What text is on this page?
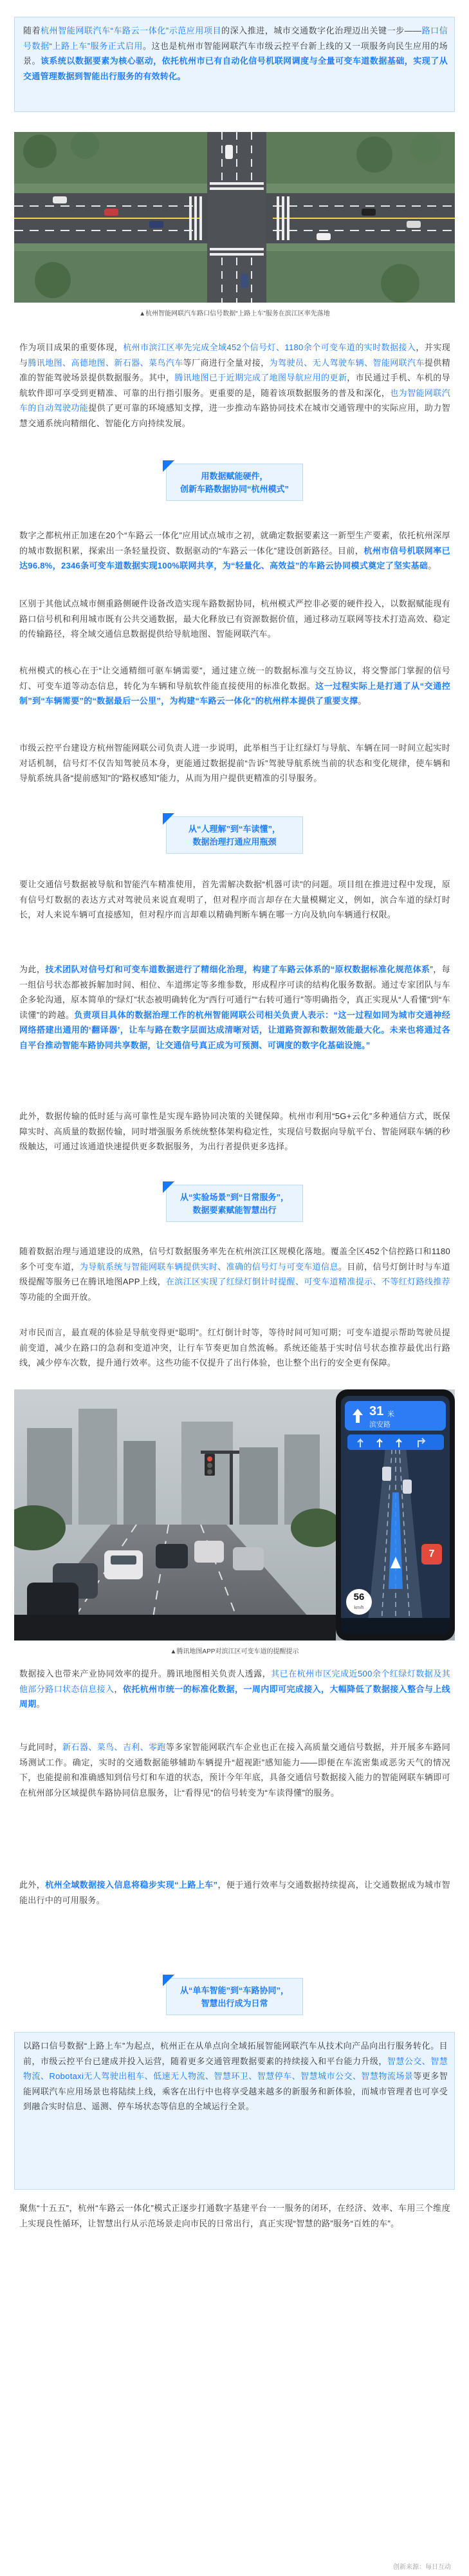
随着杭州智能网联汽车“车路云一体化”示范应用项目的深入推进，城市交通数字化治理迈出关键一步——路口信号数据“上路上车”服务正式启用。这也是杭州市智能网联汽车市级云控平台新上线的又一项服务向民生应用的场景。该系统以数据要素为核心驱动，依托杭州市已有自动化信号机联网调度与全量可变车道数据基础，实现了从交通管理数据到智能出行服务的有效转化。
▲杭州智能网联汽车路口信号数据“上路上车”服务在滨江区率先落地
作为项目成果的重要体现，杭州市滨江区率先完成全域452个信号灯、1180余个可变车道的实时数据接入，并实现与腾讯地图、高德地图、新石器、菜鸟汽车等厂商进行全量对接，为驾驶员、无人驾驶车辆、智能网联汽车提供精准的智能驾驶场景提供数据服务。其中，腾讯地图已于近期完成了地图导航应用的更新，市民通过手机、车机的导航软件即可享受到更精准、可靠的出行指引服务。更重要的是，随着该项数据服务的普及和深化，也为智能网联汽车的自动驾驶功能提供了更可靠的环境感知支撑，进一步推动车路协同技术在城市交通管理中的实际应用，助力智慧交通系统向精细化、智能化方向持续发展。
用数据赋能硬件，
创新车路数据协同“杭州模式”
数字之都杭州正加速在20个“车路云一体化”应用试点城市之初，就确定数据要素这一新型生产要素，依托杭州深厚的城市数据积累，探索出一条轻量投资、数据驱动的“车路云一体化”建设创新路径。目前，杭州市信号机联网率已达96.8%，2346条可变车道数据实现100%联网共享，为“轻量化、高效益”的车路云协同模式奠定了坚实基础。
区别于其他试点城市侧重路侧硬件设备改造实现车路数据协同，杭州模式严控非必要的硬件投入，以数据赋能现有路口信号机和利用城市既有公共交通数据，最大化释放已有资源数据价值，通过移动互联网等技术打造高效、稳定的传输路径，将全域交通信息数据提供给导航地图、智能网联汽车。
杭州模式的核心在于“让交通精细可驱车辆需要”，通过建立统一的数据标准与交互协议，将交警部门掌握的信号灯、可变车道等动态信息，转化为车辆和导航软件能直接使用的标准化数据。这一过程实际上是打通了从“交通控制”到“车辆需要”的“数据最后一公里”，为构建“车路云一体化”的杭州样本提供了重要支撑。
市级云控平台建设方杭州智能网联公司负责人进一步说明，此举相当于让红绿灯与导航、车辆在同一时间立起实时对话机制，信号灯不仅告知驾驶员本身，更能通过数据提前“告诉”驾驶导航系统当前的状态和变化规律，使车辆和导航系统具备“提前感知”的“路权感知”能力，从而为用户提供更精准的引导服务。
从“人理解”到“车读懂”，
数据治理打通应用瓶颈
要让交通信号数据被导航和智能汽车精准使用，首先需解决数据“机器可读”的问题。项目组在推进过程中发现，原有信号灯数据的表达方式对驾驶员来说直观明了，但对程序而言却存在大量模糊定义，例如，滨合车道的绿灯时长，对人来说车辆可直接感知，但对程序而言却难以精确判断车辆在哪一方向及轨向车辆通行权限。
为此，技术团队对信号灯和可变车道数据进行了精细化治理，构建了车路云体系的“原权数据标准化规范体系”，每一组信号状态都被拆解加时间、相位、车道绑定等多维参数，形成程序可读的结构化服务数据。通过专家团队与车企多轮沟通，原本简单的“绿灯”状态被明确转化为“西行可通行”“右转可通行”等明确指令，真正实现从“人看懂”到“车读懂”的跨越。负责项目具体的数据治理工作的杭州智能网联公司相关负责人表示：“这一过程如同为城市交通神经网络搭建出通用的‘翻译器’，让车与路在数字层面达成清晰对话，让道路资源和数据效能最大化。未来也将通过各自平台推动智能车路协同共享数据，让交通信号真正成为可预测、可调度的数字化基础设施。”
此外，数据传输的低时延与高可靠性是实现车路协同决策的关键保障。杭州市利用“5G+云化”多种通信方式，既保障实时、高质量的数据传输，同时增强服务系统统整体架构稳定性，实现信号数据向导航平台、智能网联车辆的秒级触达，可通过该通道快速提供更多数据服务，为出行者提供更多选择。
从“实验场景”到“日常服务”，
数据要素赋能智慧出行
随着数据治理与通道建设的成熟，信号灯数据服务率先在杭州滨江区规模化落地。覆盖全区452个信控路口和1180多个可变车道，为导航系统与智能网联车辆提供实时、准确的信号灯与可变车道信息。目前，信号灯倒计时与车道级提醒等服务已在腾讯地图APP上线，在滨江区实现了红绿灯倒计时提醒、可变车道精准提示、不等红灯路线推荐等功能的全面开放。
对市民而言，最直观的体验是导航变得更“聪明”。红灯倒计时等，等待时间可知可期；可变车道提示帮助驾驶员提前变道，减少在路口的急刹和变道冲突，让行车节奏更加自然流畅。系统还能基于实时信号状态推荐最优出行路线，减少停车次数，提升通行效率。这些功能不仅提升了出行体验，也让整个出行的安全更有保障。
31 米
滨安路
56
km/h
7
▲腾讯地图APP对滨江区可变车道的提醒提示
数据接入也带来产业协同效率的提升。腾讯地图相关负责人透露，其已在杭州市区完成近500余个红绿灯数据及其他部分路口状态信息接入，依托杭州市统一的标准化数据，一周内即可完成接入，大幅降低了数据接入整合与上线周期。
与此同时，新石器、菜鸟、吉利、零跑等多家智能网联汽车企业也正在接入高质量交通信号数据，并开展多车路同场测试工作。确定，实时的交通数据能够辅助车辆提升“超视距”感知能力——即便在车流密集或恶劣天气的情况下，也能提前和准确感知到信号灯和车道的状态，预计今年年底，具备交通信号数据接入能力的智能网联车辆即可在杭州部分区域提供车路协同信息服务，让“看得见”的信号转变为“车读得懂”的服务。
此外，杭州全域数据接入信息将稳步实现“上路上车”，便于通行效率与交通数据持续提高，让交通数据成为城市智能出行中的可用服务。
从“单车智能”到“车路协同”，
智慧出行成为日常
以路口信号数据“上路上车”为起点，杭州正在从单点向全域拓展智能网联汽车从技术向产品向出行服务转化。目前，市级云控平台已建成并投入运营，随着更多交通管理数据要素的持续接入和平台能力升级，智慧公交、智慧物流、Robotaxi无人驾驶出租车、低速无人物流、智慧环卫、智慧停车、智慧城市公交、智慧物流场景等更多智能网联汽车应用场景也将陆续上线，乘客在出行中也将享受越来越多的新服务和新体验，而城市管理者也可享受到融合实时信息、遥测、停车场状态等信息的全域运行全景。
聚焦“十五五”，杭州“车路云一体化”模式正逐步打通数字基建平台一一服务的闭环，在经济、效率、车用三个维度上实现良性循环，让智慧出行从示范场景走向市民的日常出行，真正实现“智慧的路”服务“百姓的车”。
创新来源：每日互动
